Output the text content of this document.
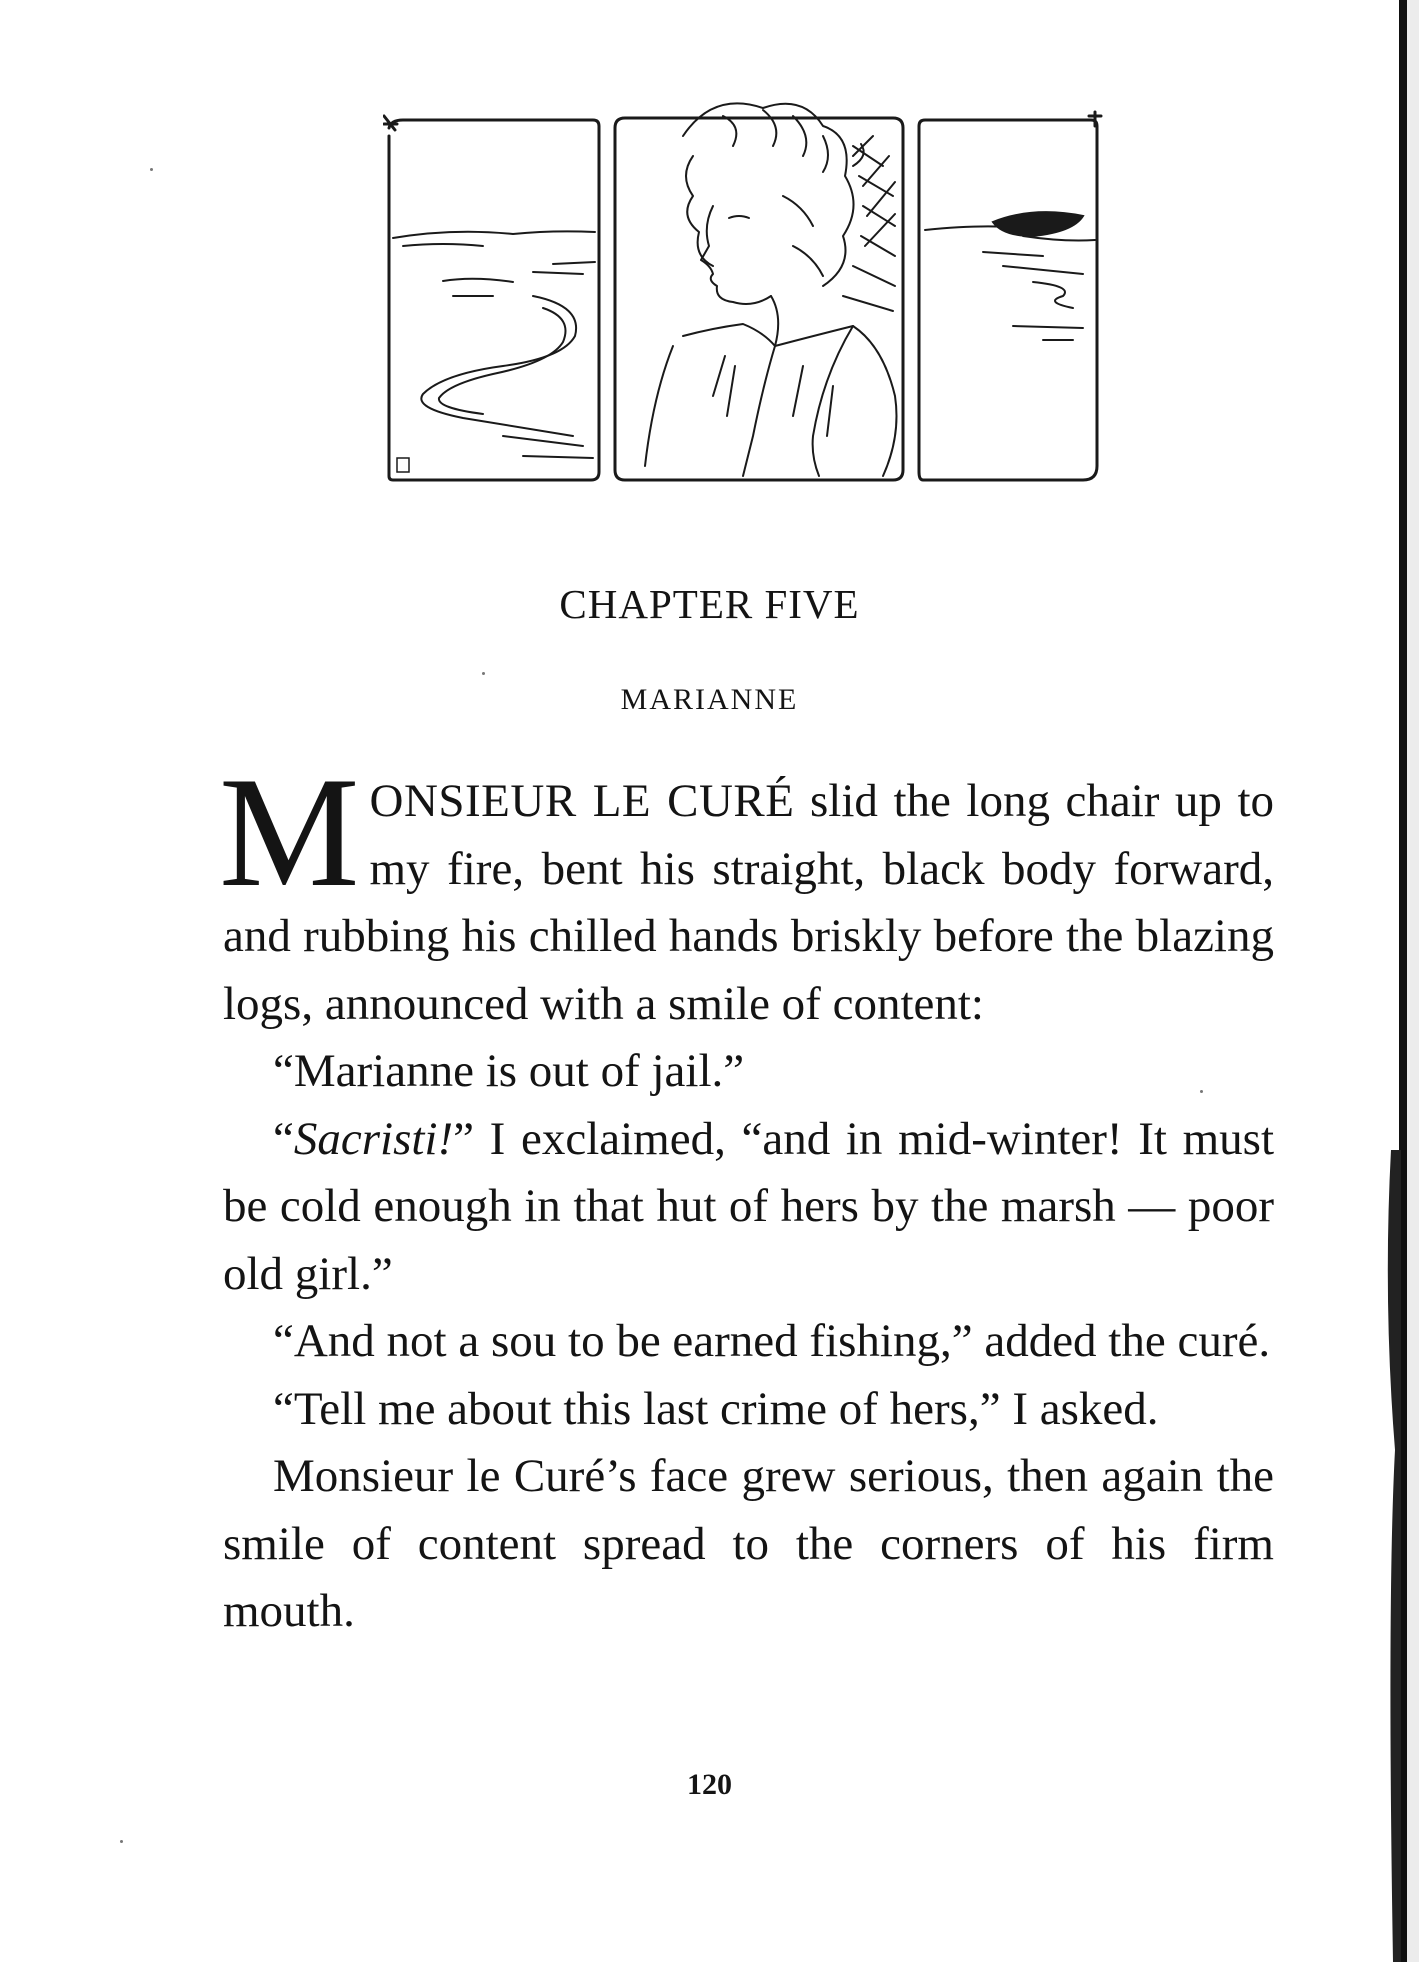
CHAPTER FIVE
MARIANNE

MONSIEUR LE CURÉ slid the long chair up to my fire, bent his straight, black body forward, and rubbing his chilled hands briskly before the blazing logs, announced with a smile of content:

“Marianne is out of jail.”

“Sacristi!” I exclaimed, “and in mid-winter! It must be cold enough in that hut of hers by the marsh — poor old girl.”

“And not a sou to be earned fishing,” added the curé.

“Tell me about this last crime of hers,” I asked.

Monsieur le Curé’s face grew serious, then again the smile of content spread to the corners of his firm mouth.

120
